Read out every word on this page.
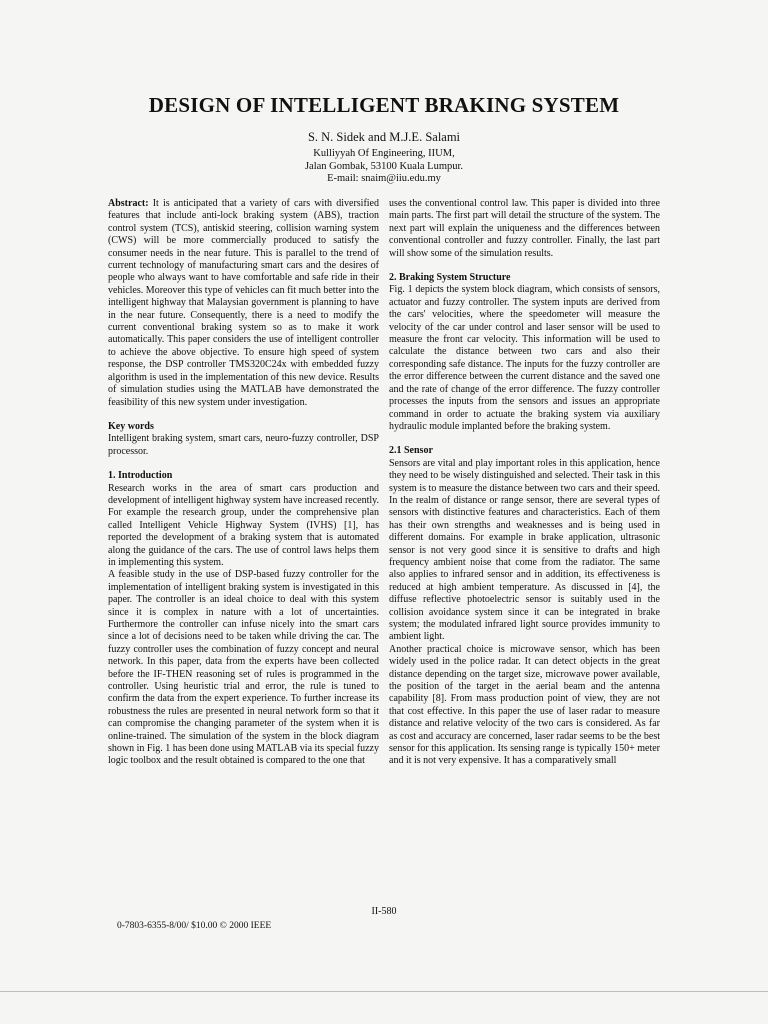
DESIGN OF INTELLIGENT BRAKING SYSTEM
S. N. Sidek and M.J.E. Salami
Kulliyyah Of Engineering, IIUM,
Jalan Gombak, 53100 Kuala Lumpur.
E-mail: snaim@iiu.edu.my

Abstract: It is anticipated that a variety of cars with diversified features that include anti-lock braking system (ABS), traction control system (TCS), antiskid steering, collision warning system (CWS) will be more commercially produced to satisfy the consumer needs in the near future. This is parallel to the trend of current technology of manufacturing smart cars and the desires of people who always want to have comfortable and safe ride in their vehicles. Moreover this type of vehicles can fit much better into the intelligent highway that Malaysian government is planning to have in the near future. Consequently, there is a need to modify the current conventional braking system so as to make it work automatically. This paper considers the use of intelligent controller to achieve the above objective. To ensure high speed of system response, the DSP controller TMS320C24x with embedded fuzzy algorithm is used in the implementation of this new device. Results of simulation studies using the MATLAB have demonstrated the feasibility of this new system under investigation.

Key words

Intelligent braking system, smart cars, neuro-fuzzy controller, DSP processor.

1. Introduction

Research works in the area of smart cars production and development of intelligent highway system have increased recently. For example the research group, under the comprehensive plan called Intelligent Vehicle Highway System (IVHS) [1], has reported the development of a braking system that is automated along the guidance of the cars. The use of control laws helps them in implementing this system.

A feasible study in the use of DSP-based fuzzy controller for the implementation of intelligent braking system is investigated in this paper. The controller is an ideal choice to deal with this system since it is complex in nature with a lot of uncertainties. Furthermore the controller can infuse nicely into the smart cars since a lot of decisions need to be taken while driving the car. The fuzzy controller uses the combination of fuzzy concept and neural network. In this paper, data from the experts have been collected before the IF-THEN reasoning set of rules is programmed in the controller. Using heuristic trial and error, the rule is tuned to confirm the data from the expert experience. To further increase its robustness the rules are presented in neural network form so that it can compromise the changing parameter of the system when it is online-trained. The simulation of the system in the block diagram shown in Fig. 1 has been done using MATLAB via its special fuzzy logic toolbox and the result obtained is compared to the one that

uses the conventional control law. This paper is divided into three main parts. The first part will detail the structure of the system. The next part will explain the uniqueness and the differences between conventional controller and fuzzy controller. Finally, the last part will show some of the simulation results.

2. Braking System Structure

Fig. 1 depicts the system block diagram, which consists of sensors, actuator and fuzzy controller. The system inputs are derived from the cars' velocities, where the speedometer will measure the velocity of the car under control and laser sensor will be used to measure the front car velocity. This information will be used to calculate the distance between two cars and also their corresponding safe distance. The inputs for the fuzzy controller are the error difference between the current distance and the saved one and the rate of change of the error difference. The fuzzy controller processes the inputs from the sensors and issues an appropriate command in order to actuate the braking system via auxiliary hydraulic module implanted before the braking system.

2.1 Sensor

Sensors are vital and play important roles in this application, hence they need to be wisely distinguished and selected. Their task in this system is to measure the distance between two cars and their speed. In the realm of distance or range sensor, there are several types of sensors with distinctive features and characteristics. Each of them has their own strengths and weaknesses and is being used in different domains. For example in brake application, ultrasonic sensor is not very good since it is sensitive to drafts and high frequency ambient noise that come from the radiator. The same also applies to infrared sensor and in addition, its effectiveness is reduced at high ambient temperature. As discussed in [4], the diffuse reflective photoelectric sensor is suitably used in the collision avoidance system since it can be integrated in brake system; the modulated infrared light source provides immunity to ambient light.

Another practical choice is microwave sensor, which has been widely used in the police radar. It can detect objects in the great distance depending on the target size, microwave power available, the position of the target in the aerial beam and the antenna capability [8]. From mass production point of view, they are not that cost effective. In this paper the use of laser radar to measure distance and relative velocity of the two cars is considered. As far as cost and accuracy are concerned, laser radar seems to be the best sensor for this application. Its sensing range is typically 150+ meter and it is not very expensive. It has a comparatively small

II-580
0-7803-6355-8/00/ $10.00 © 2000 IEEE
